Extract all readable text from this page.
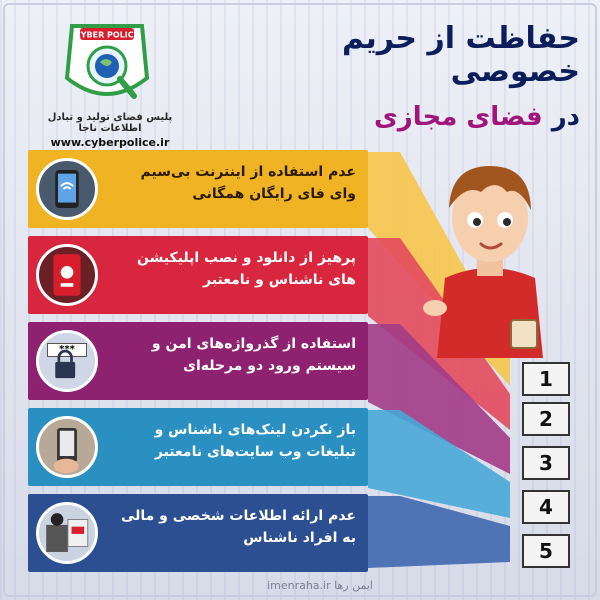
CYBER POLICE
پلیس فضای تولید و تبادل اطلاعات ناجا
www.cyberpolice.ir
حفاظت از حریم خصوصی
در فضای مجازی
عدم استفاده از اینترنت بی‌سیم وای فای رایگان همگانی
پرهیز از دانلود و نصب اپلیکیشن های ناشناس و نامعتبر
***	استفاده از گذرواژه‌های امن و سیستم ورود دو مرحله‌ای
باز نکردن لینک‌های ناشناس و تبلیغات وب سایت‌های نامعتبر
عدم ارائه اطلاعات شخصی و مالی به افراد ناشناس
1
2
3
4
5
imenraha.ir ایمن رها
